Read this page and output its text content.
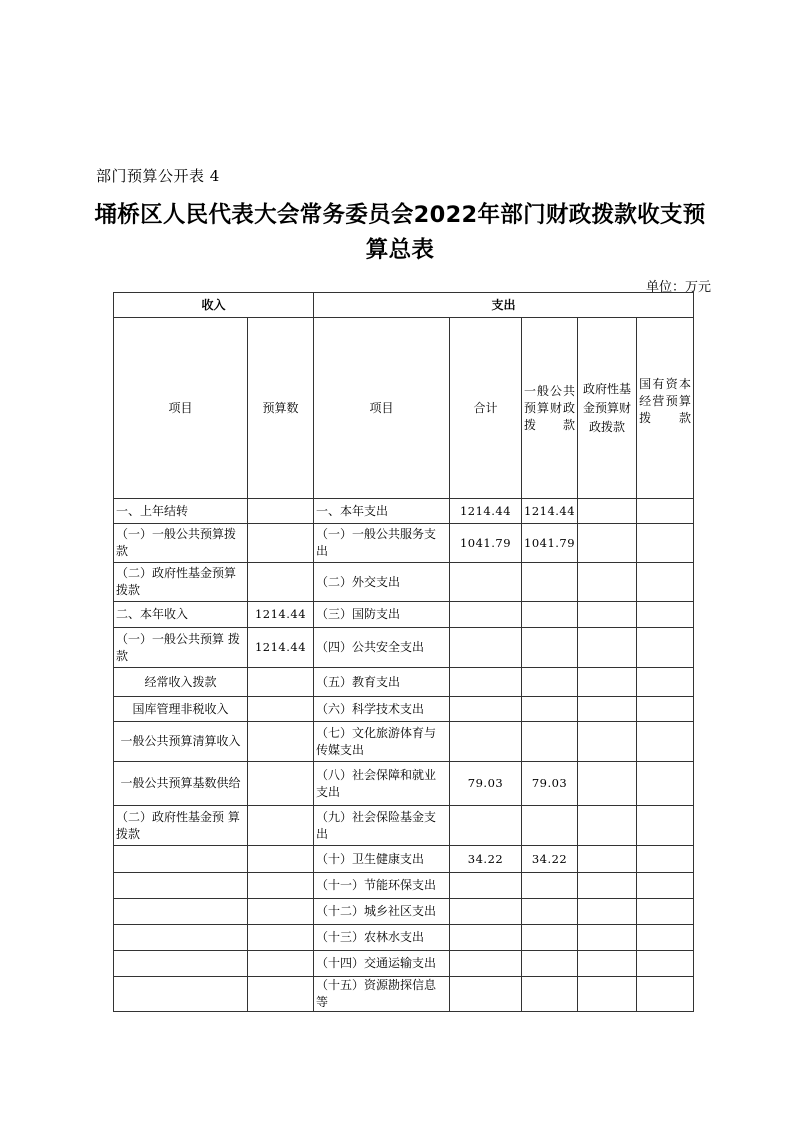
部门预算公开表 4
埇桥区人民代表大会常务委员会2022年部门财政拨款收支预算总表
单位：万元
收入		支出				
项目	预算数	项目	合计	一般公共预算财政拨款	政府性基金预算财政拨款	国有资本经营预算拨款
一、上年结转		一、本年支出	1214.44	1214.44		
（一）一般公共预算拨款		（一）一般公共服务支出	1041.79	1041.79		
（二）政府性基金预算拨款		（二）外交支出				
二、本年收入	1214.44	（三）国防支出				
（一）一般公共预算 拨款	1214.44	（四）公共安全支出				
经常收入拨款		（五）教育支出				
国库管理非税收入		（六）科学技术支出				
一般公共预算清算收入		（七）文化旅游体育与传媒支出				
一般公共预算基数供给		（八）社会保障和就业支出	79.03	79.03		
（二）政府性基金预 算拨款		（九）社会保险基金支出				
		（十）卫生健康支出	34.22	34.22		
		（十一）节能环保支出				
		（十二）城乡社区支出				
		（十三）农林水支出				
		（十四）交通运输支出				
		（十五）资源勘探信息等				
